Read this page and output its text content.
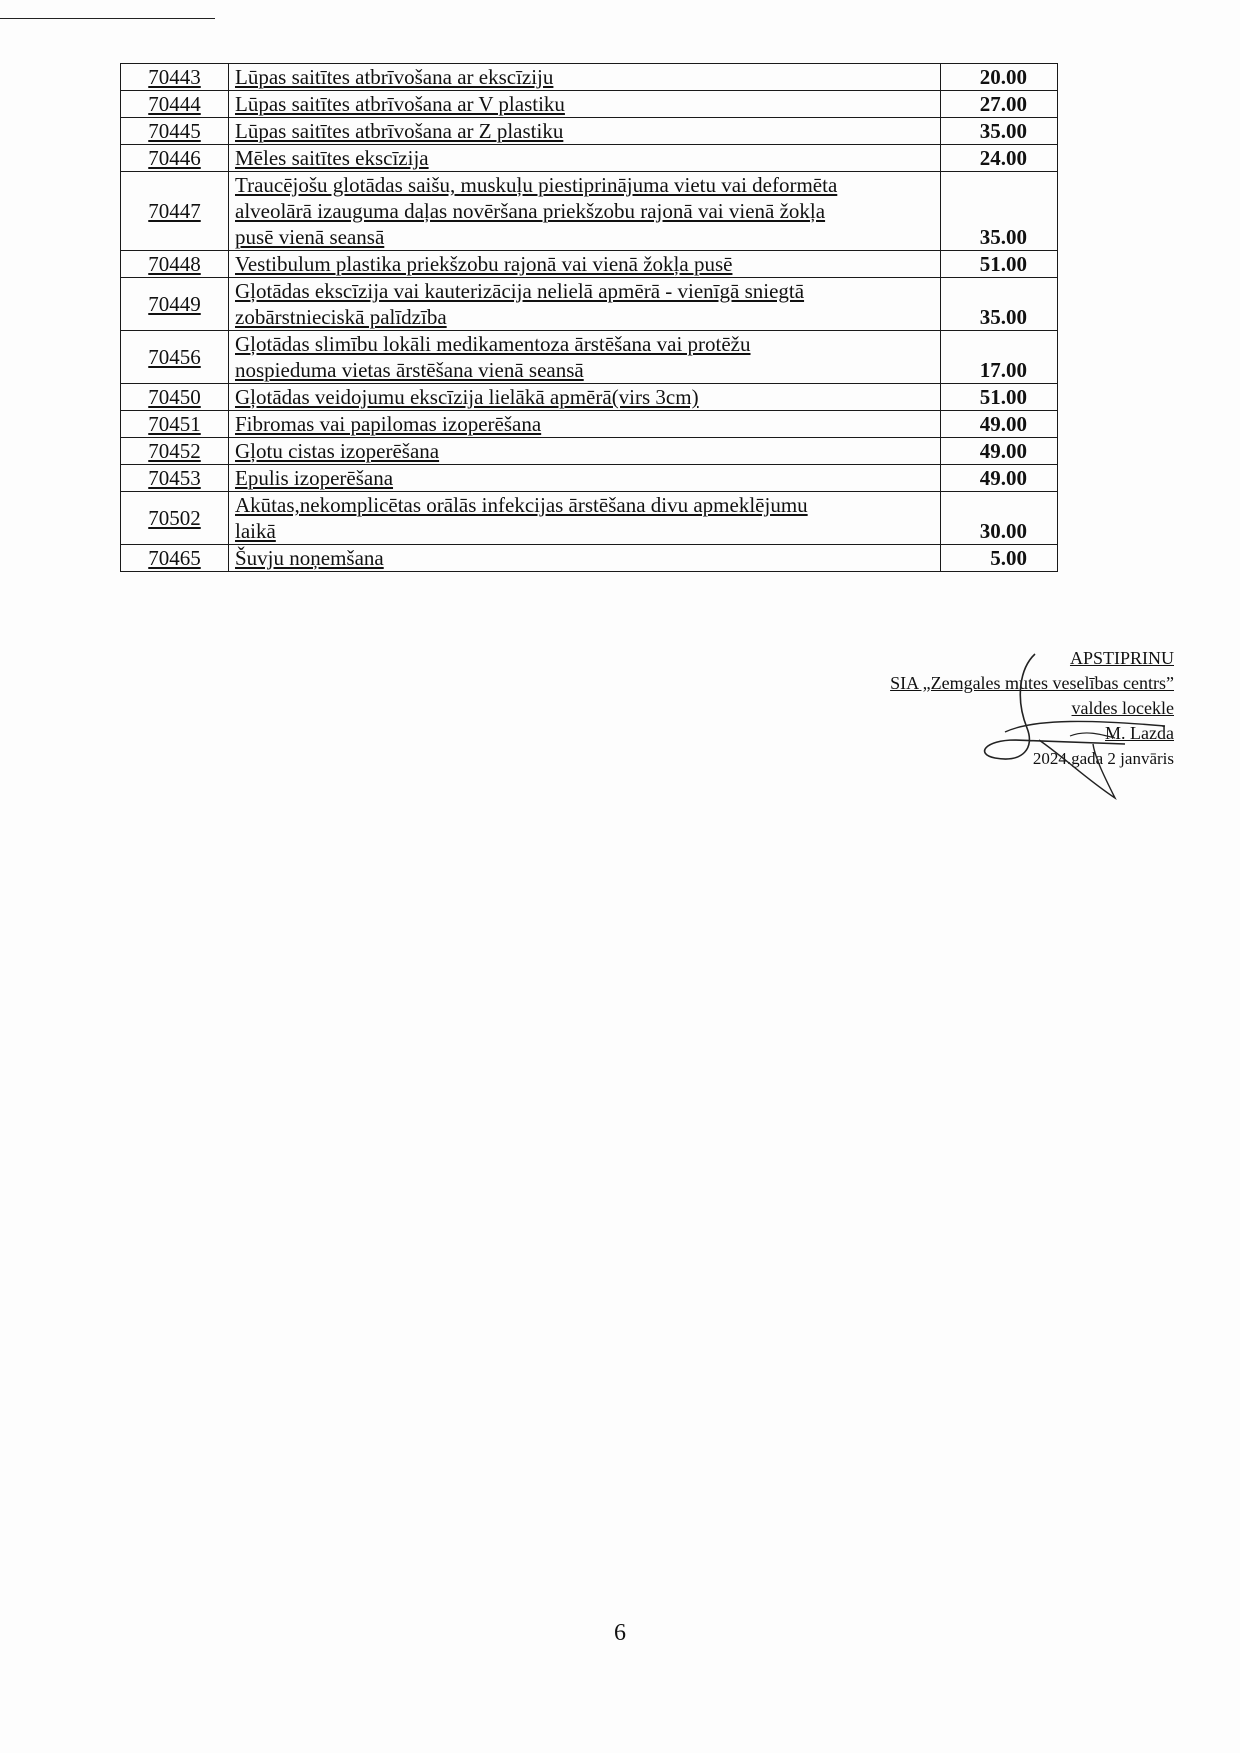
70443	Lūpas saitītes atbrīvošana ar ekscīziju	20.00
70444	Lūpas saitītes atbrīvošana ar V plastiku	27.00
70445	Lūpas saitītes atbrīvošana ar Z plastiku	35.00
70446	Mēles saitītes ekscīzija	24.00
70447	Traucējošu glotādas saišu, muskuļu piestiprinājuma vietu vai deformēta
alveolārā izauguma daļas novēršana priekšzobu rajonā vai vienā žokļa
pusē vienā seansā	35.00
70448	Vestibulum plastika priekšzobu rajonā vai vienā žokļa pusē	51.00
70449	Gļotādas ekscīzija vai kauterizācija nelielā apmērā - vienīgā sniegtā
zobārstnieciskā palīdzība	35.00
70456	Gļotādas slimību lokāli medikamentoza ārstēšana vai protēžu
nospieduma vietas ārstēšana vienā seansā	17.00
70450	Gļotādas veidojumu ekscīzija lielākā apmērā(virs 3cm)	51.00
70451	Fibromas vai papilomas izoperēšana	49.00
70452	Gļotu cistas izoperēšana	49.00
70453	Epulis izoperēšana	49.00
70502	Akūtas,nekomplicētas orālās infekcijas ārstēšana divu apmeklējumu
laikā	30.00
70465	Šuvju noņemšana	5.00
APSTIPRINU
SIA „Zemgales mutes veselības centrs”
valdes locekle
M. Lazda
2024.gada 2 janvāris
6
